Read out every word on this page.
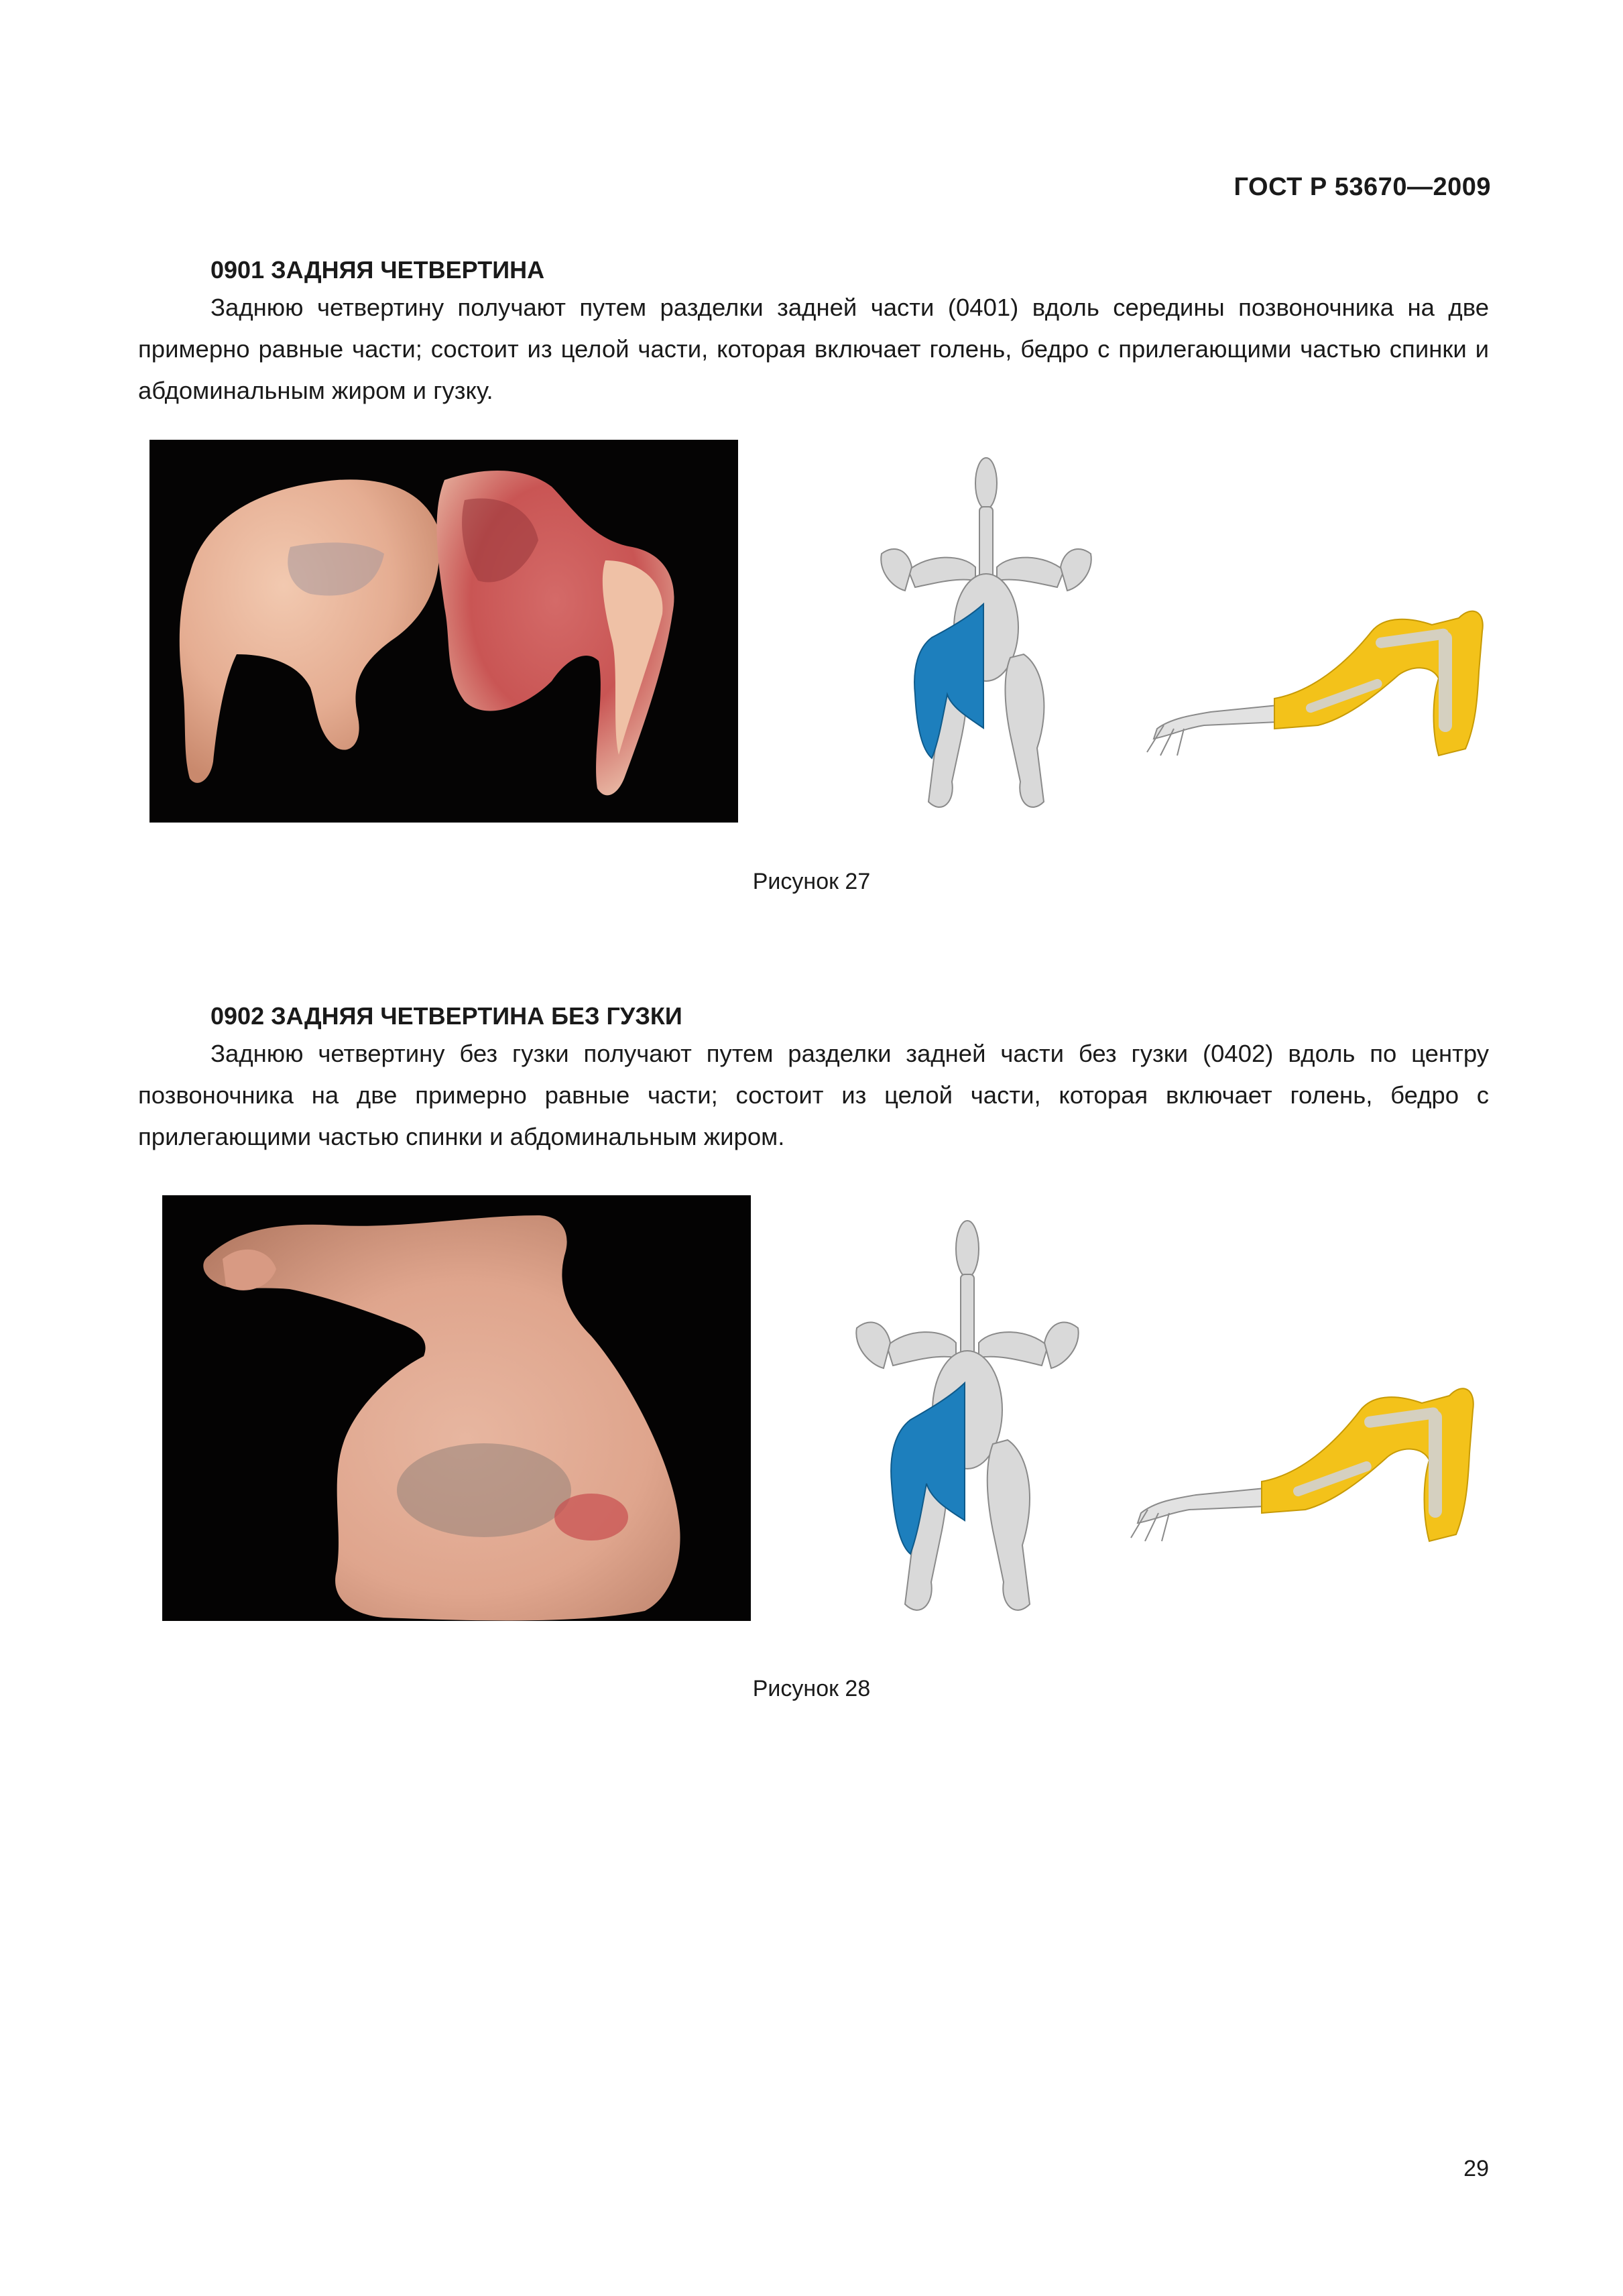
ГОСТ Р 53670—2009
0901 ЗАДНЯЯ ЧЕТВЕРТИНА
Заднюю четвертину получают путем разделки задней части (0401) вдоль середины позвоночника на две примерно равные части; состоит из целой части, которая включает голень, бедро с прилегающими частью спинки и абдоминальным жиром и гузку.
Рисунок 27
0902 ЗАДНЯЯ ЧЕТВЕРТИНА БЕЗ ГУЗКИ
Заднюю четвертину без гузки получают путем разделки задней части без гузки (0402) вдоль по центру позвоночника на две примерно равные части; состоит из целой части, которая включает голень, бедро с прилегающими частью спинки и абдоминальным жиром.
Рисунок 28
29
